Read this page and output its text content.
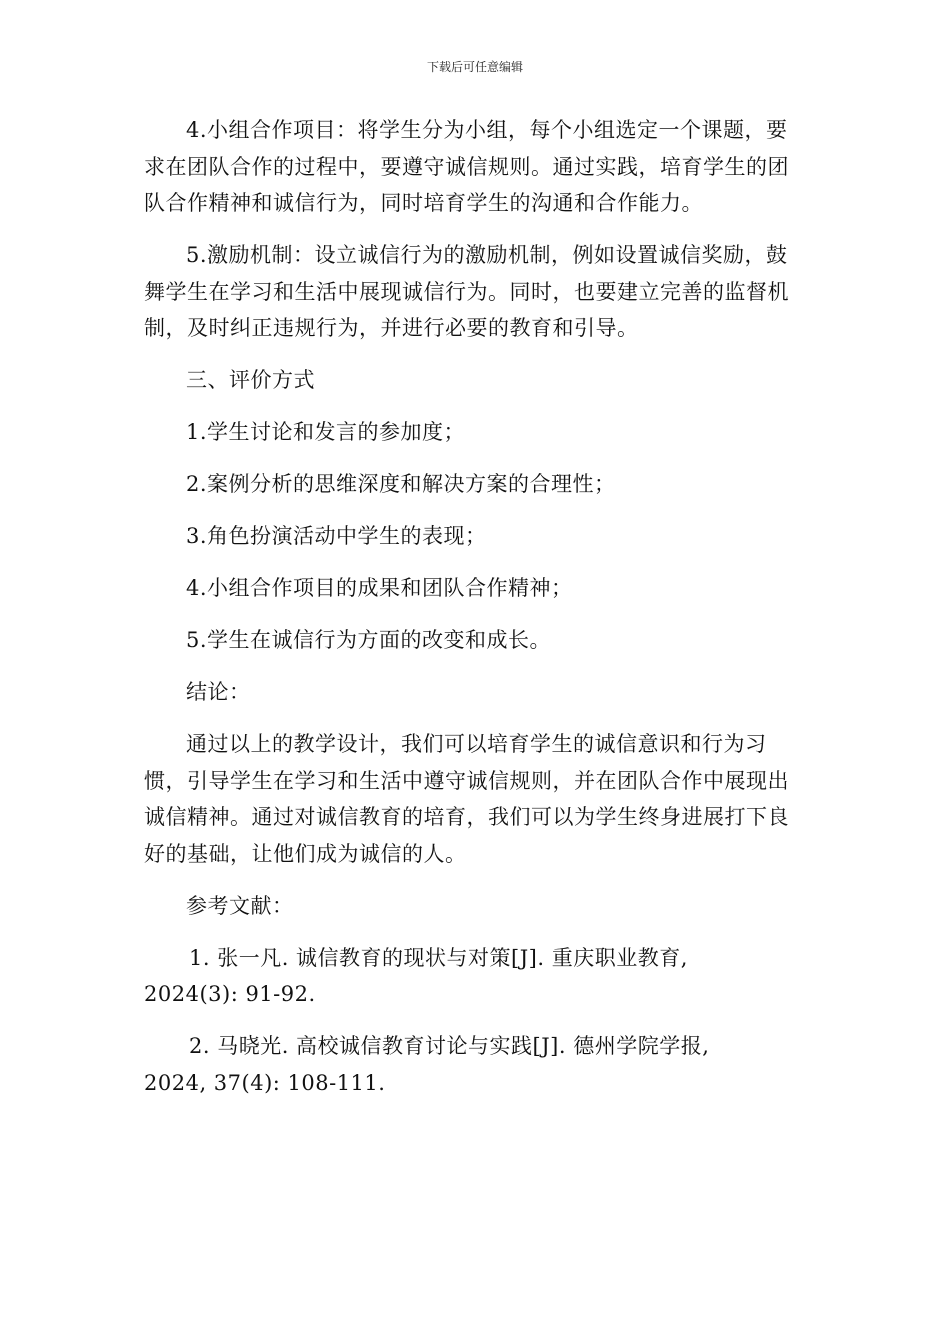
下载后可任意编辑

4.小组合作项目：将学生分为小组，每个小组选定一个课题，要求在团队合作的过程中，要遵守诚信规则。通过实践，培育学生的团队合作精神和诚信行为，同时培育学生的沟通和合作能力。

5.激励机制：设立诚信行为的激励机制，例如设置诚信奖励，鼓舞学生在学习和生活中展现诚信行为。同时，也要建立完善的监督机制，及时纠正违规行为，并进行必要的教育和引导。

三、评价方式

1.学生讨论和发言的参加度；

2.案例分析的思维深度和解决方案的合理性；

3.角色扮演活动中学生的表现；

4.小组合作项目的成果和团队合作精神；

5.学生在诚信行为方面的改变和成长。

结论：

通过以上的教学设计，我们可以培育学生的诚信意识和行为习惯，引导学生在学习和生活中遵守诚信规则，并在团队合作中展现出诚信精神。通过对诚信教育的培育，我们可以为学生终身进展打下良好的基础，让他们成为诚信的人。

参考文献：

1. 张一凡. 诚信教育的现状与对策[J]. 重庆职业教育,

2024(3): 91-92.

2. 马晓光. 高校诚信教育讨论与实践[J]. 德州学院学报,

2024, 37(4): 108-111.
